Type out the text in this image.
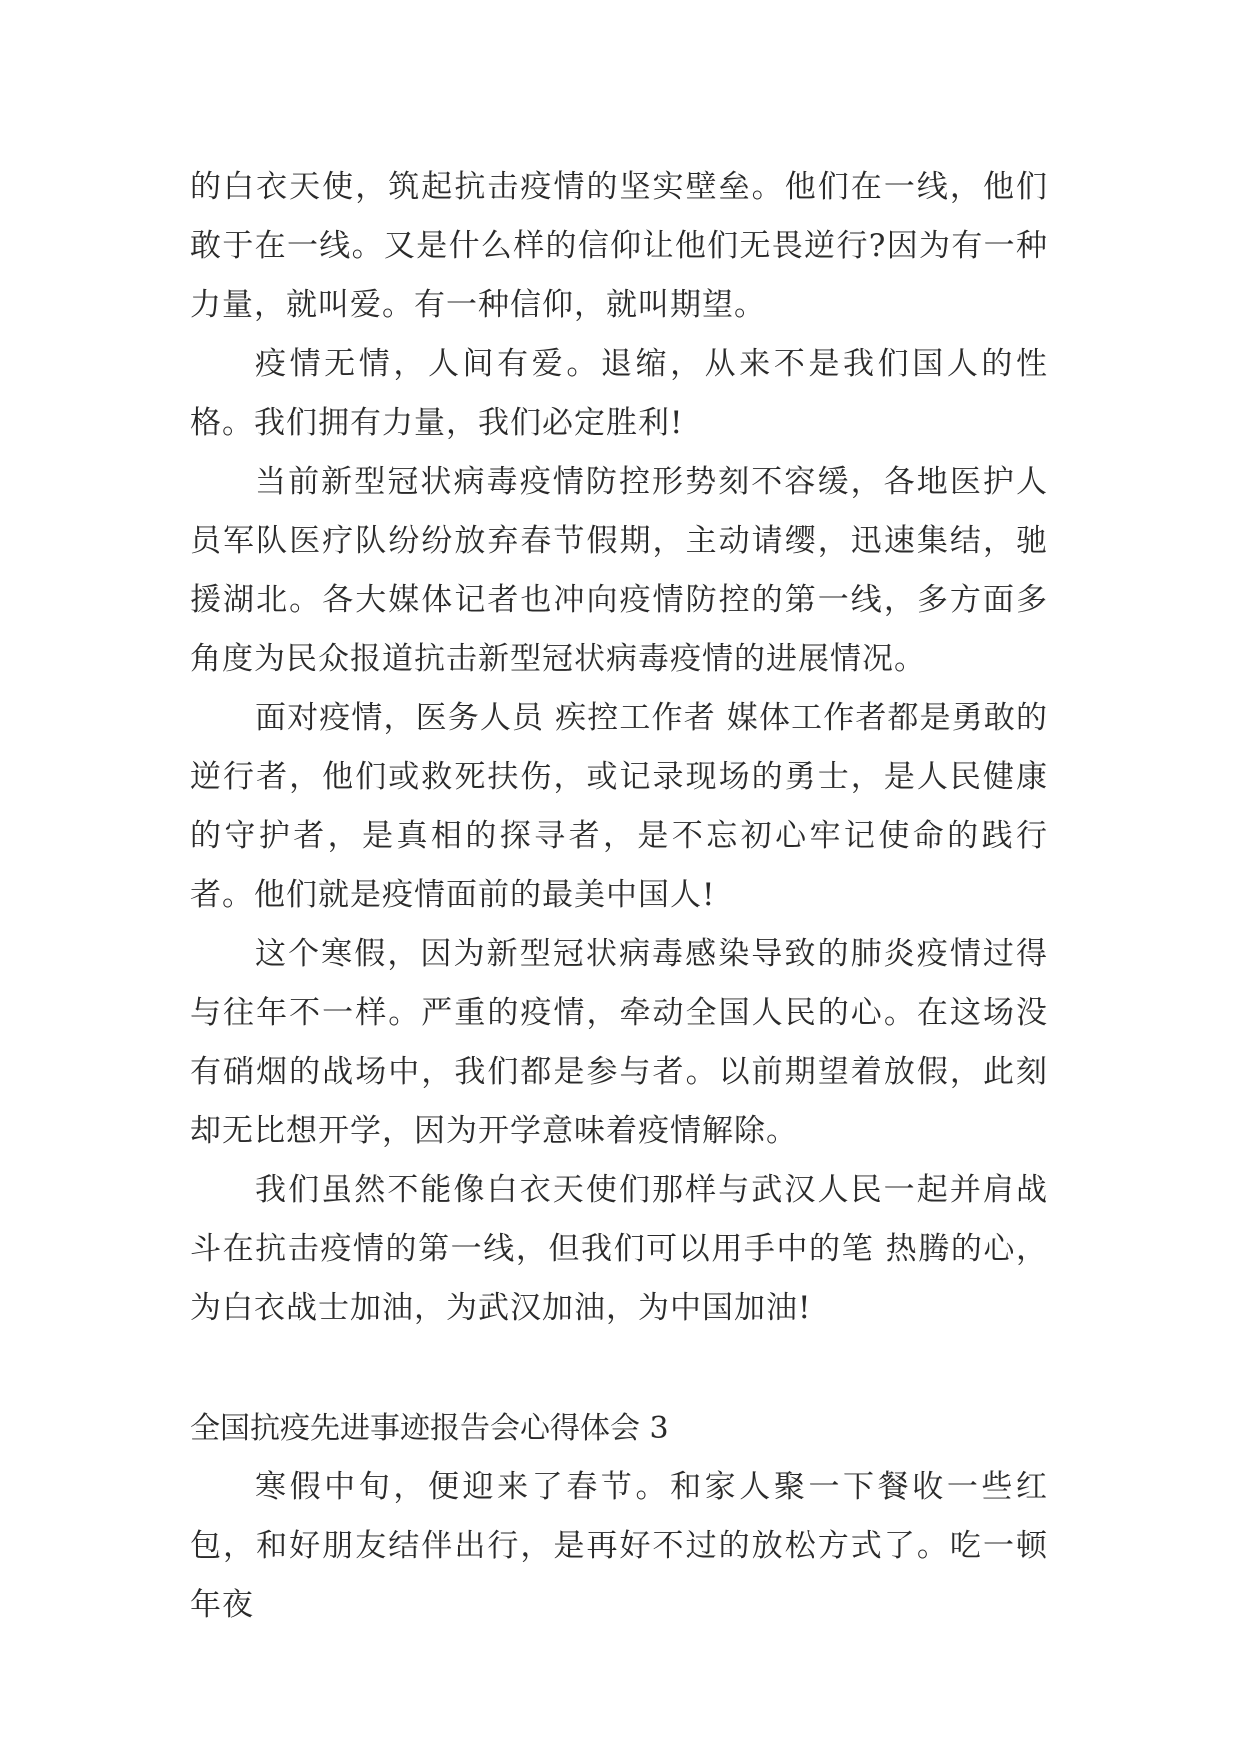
的白衣天使，筑起抗击疫情的坚实壁垒。他们在一线，他们敢于在一线。又是什么样的信仰让他们无畏逆行?因为有一种力量，就叫爱。有一种信仰，就叫期望。

疫情无情，人间有爱。退缩，从来不是我们国人的性格。我们拥有力量，我们必定胜利!

当前新型冠状病毒疫情防控形势刻不容缓，各地医护人员军队医疗队纷纷放弃春节假期，主动请缨，迅速集结，驰援湖北。各大媒体记者也冲向疫情防控的第一线，多方面多角度为民众报道抗击新型冠状病毒疫情的进展情况。

面对疫情，医务人员 疾控工作者 媒体工作者都是勇敢的逆行者，他们或救死扶伤，或记录现场的勇士，是人民健康的守护者，是真相的探寻者，是不忘初心牢记使命的践行者。他们就是疫情面前的最美中国人!

这个寒假，因为新型冠状病毒感染导致的肺炎疫情过得与往年不一样。严重的疫情，牵动全国人民的心。在这场没有硝烟的战场中，我们都是参与者。以前期望着放假，此刻却无比想开学，因为开学意味着疫情解除。

我们虽然不能像白衣天使们那样与武汉人民一起并肩战斗在抗击疫情的第一线，但我们可以用手中的笔 热腾的心，为白衣战士加油，为武汉加油，为中国加油!

全国抗疫先进事迹报告会心得体会 3

寒假中旬，便迎来了春节。和家人聚一下餐收一些红包，和好朋友结伴出行，是再好不过的放松方式了。吃一顿年夜
